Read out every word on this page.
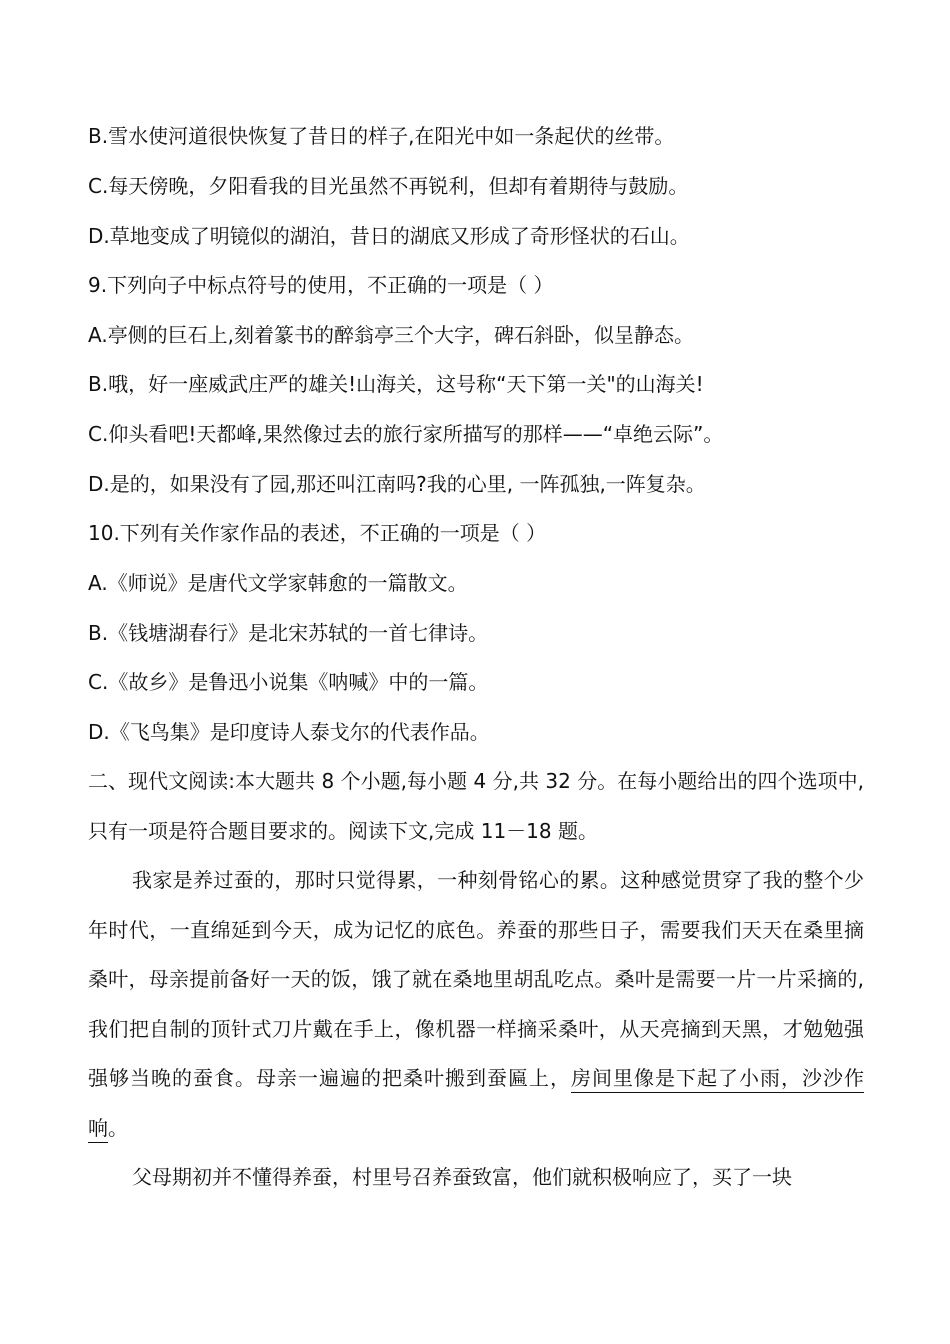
B.雪水使河道很快恢复了昔日的样子,在阳光中如一条起伏的丝带。
C.每天傍晚，夕阳看我的目光虽然不再锐利，但却有着期待与鼓励。
D.草地变成了明镜似的湖泊，昔日的湖底又形成了奇形怪状的石山。
9.下列向子中标点符号的使用，不正确的一项是（ ）
A.亭侧的巨石上,刻着篆书的醉翁亭三个大字，碑石斜卧，似呈静态。
B.哦，好一座威武庄严的雄关!山海关，这号称“天下第一关"的山海关!
C.仰头看吧!天都峰,果然像过去的旅行家所描写的那样——“卓绝云际”。
D.是的，如果没有了园,那还叫江南吗?我的心里, 一阵孤独,一阵复杂。
10.下列有关作家作品的表述，不正确的一项是（ ）
A.《师说》是唐代文学家韩愈的一篇散文。
B.《钱塘湖春行》是北宋苏轼的一首七律诗。
C.《故乡》是鲁迅小说集《呐喊》中的一篇。
D.《飞鸟集》是印度诗人泰戈尔的代表作品。
二、现代文阅读:本大题共 8 个小题,每小题 4 分,共 32 分。在每小题给出的四个选项中,只有一项是符合题目要求的。阅读下文,完成 11－18 题。
我家是养过蚕的，那时只觉得累，一种刻骨铭心的累。这种感觉贯穿了我的整个少年时代，一直绵延到今天，成为记忆的底色。养蚕的那些日子，需要我们天天在桑里摘桑叶，母亲提前备好一天的饭，饿了就在桑地里胡乱吃点。桑叶是需要一片一片采摘的,我们把自制的顶针式刀片戴在手上，像机器一样摘采桑叶，从天亮摘到天黑，才勉勉强强够当晚的蚕食。母亲一遍遍的把桑叶搬到蚕匾上，房间里像是下起了小雨，沙沙作响。
父母期初并不懂得养蚕，村里号召养蚕致富，他们就积极响应了，买了一块
